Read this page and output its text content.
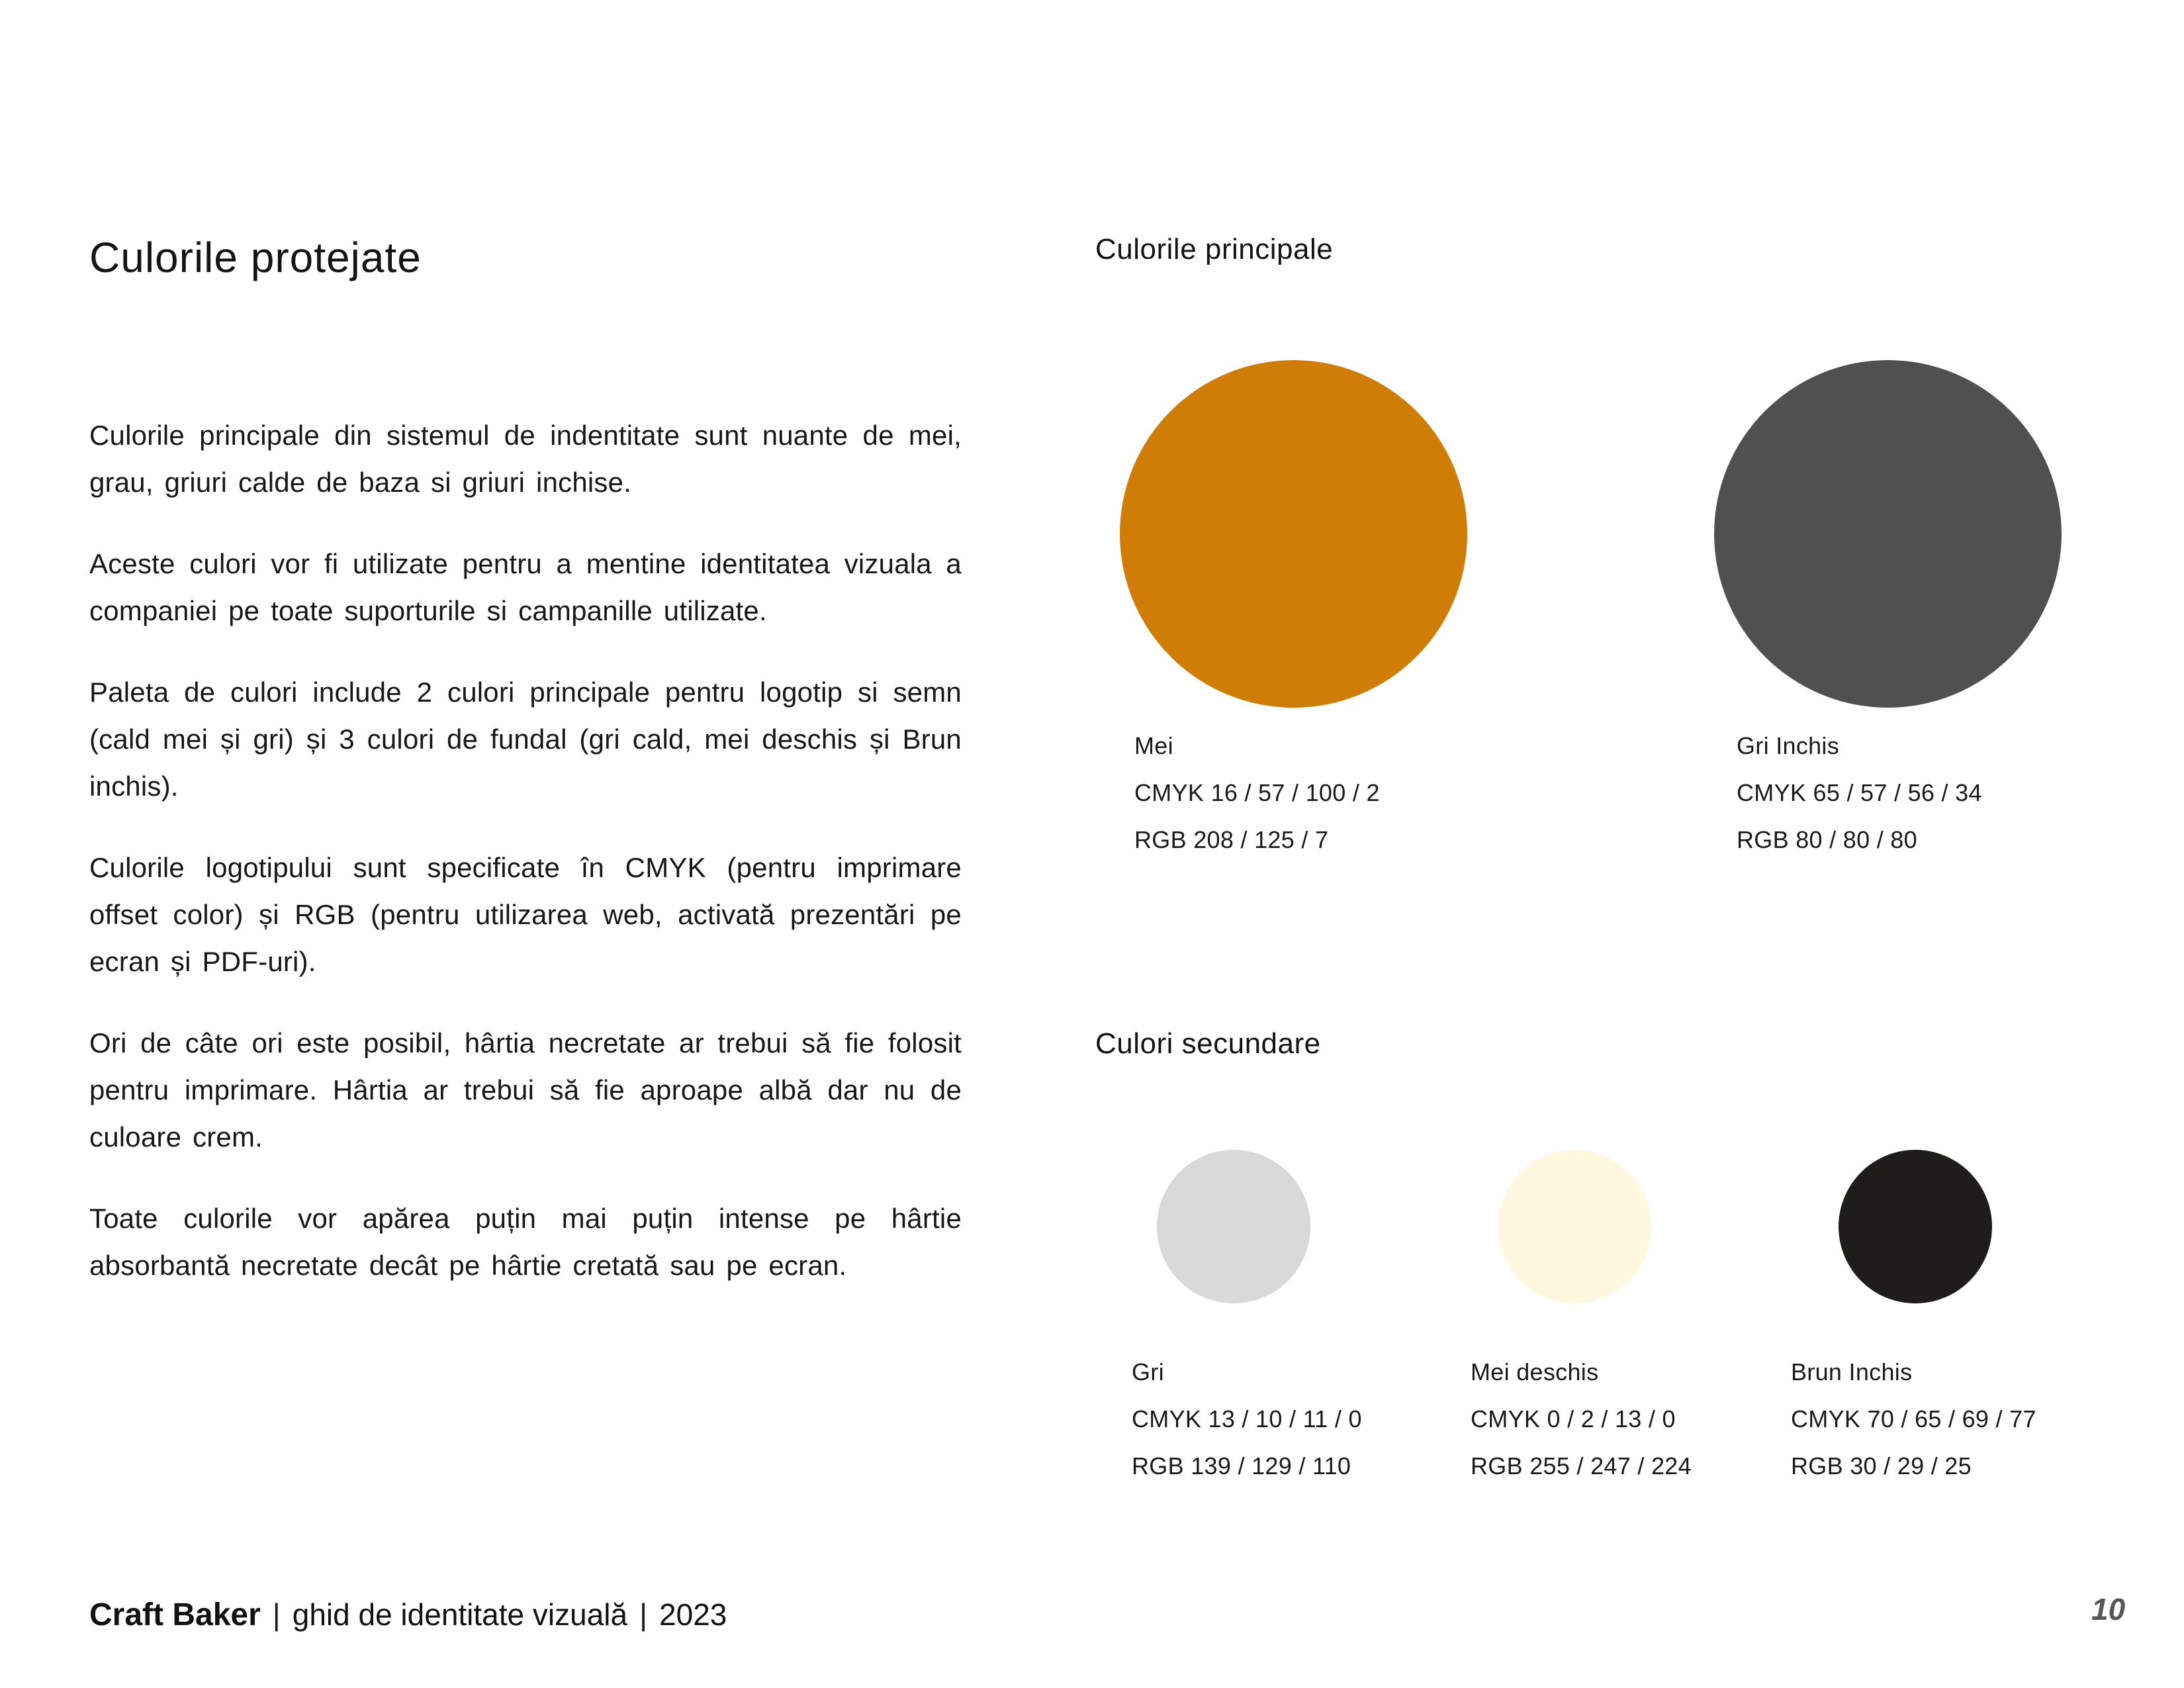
Culorile protejate

Culorile principale din sistemul de indentitate sunt nuante de mei, grau, griuri calde de baza si griuri inchise.

Aceste culori vor fi utilizate pentru a mentine identitatea vizuala a companiei pe toate suporturile si campanille utilizate.

Paleta de culori include 2 culori principale pentru logotip si semn (cald mei și gri) și 3 culori de fundal (gri cald, mei deschis și Brun inchis).

Culorile logotipului sunt specificate în CMYK (pentru imprimare offset color) și RGB (pentru utilizarea web, activată prezentări pe ecran și PDF-uri).

Ori de câte ori este posibil, hârtia necretate ar trebui să fie folosit pentru imprimare. Hârtia ar trebui să fie aproape albă dar nu de culoare crem.

Toate culorile vor apărea puțin mai puțin intense pe hârtie absorbantă necretate decât pe hârtie cretată sau pe ecran.

Culorile principale
Mei
CMYK 16 / 57 / 100 / 2
RGB 208 / 125 / 7
Gri Inchis
CMYK 65 / 57 / 56 / 34
RGB 80 / 80 / 80
Culori secundare
Gri
CMYK 13 / 10 / 11 / 0
RGB 139 / 129 / 110
Mei deschis
CMYK 0 / 2 / 13 / 0
RGB 255 / 247 / 224
Brun Inchis
CMYK 70 / 65 / 69 / 77
RGB 30 / 29 / 25
Craft Baker | ghid de identitate vizuală | 2023	10
